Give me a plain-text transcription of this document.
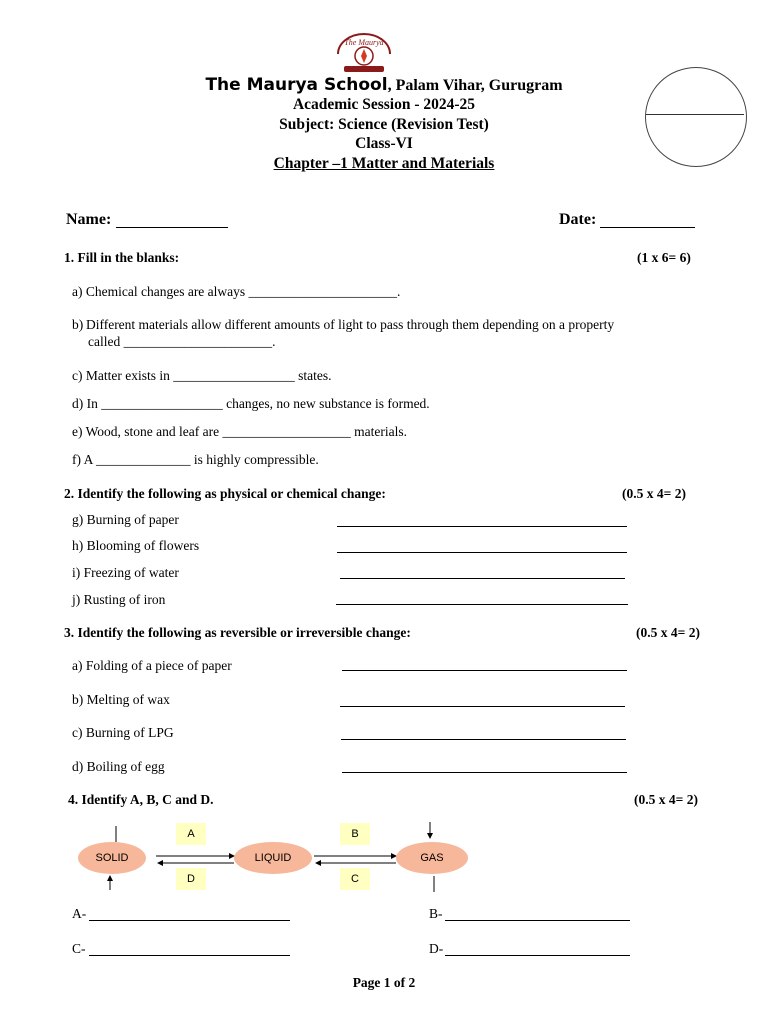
The Maurya
The Maurya School, Palam Vihar, Gurugram
Academic Session - 2024-25
Subject: Science (Revision Test)
Class-VI
Chapter –1 Matter and Materials
Name:	Date:
1. Fill in the blanks:	(1 x 6= 6)
a) Chemical changes are always ______________________.
b) Different materials allow different amounts of light to pass through them depending on a property
called ______________________.
c) Matter exists in __________________ states.
d) In __________________ changes, no new substance is formed.
e) Wood, stone and leaf are ___________________ materials.
f) A ______________ is highly compressible.
2. Identify the following as physical or chemical change:	(0.5 x 4= 2)
g) Burning of paper
h) Blooming of flowers
i) Freezing of water
j) Rusting of iron
3. Identify the following as reversible or irreversible change:	(0.5 x 4= 2)
a) Folding of a piece of paper
b) Melting of wax
c) Burning of LPG
d) Boiling of egg
4. Identify A, B, C and D.	(0.5 x 4= 2)
SOLID	LIQUID	GAS
A
D
B
C
A-	B-
C-	D-
Page 1 of 2
